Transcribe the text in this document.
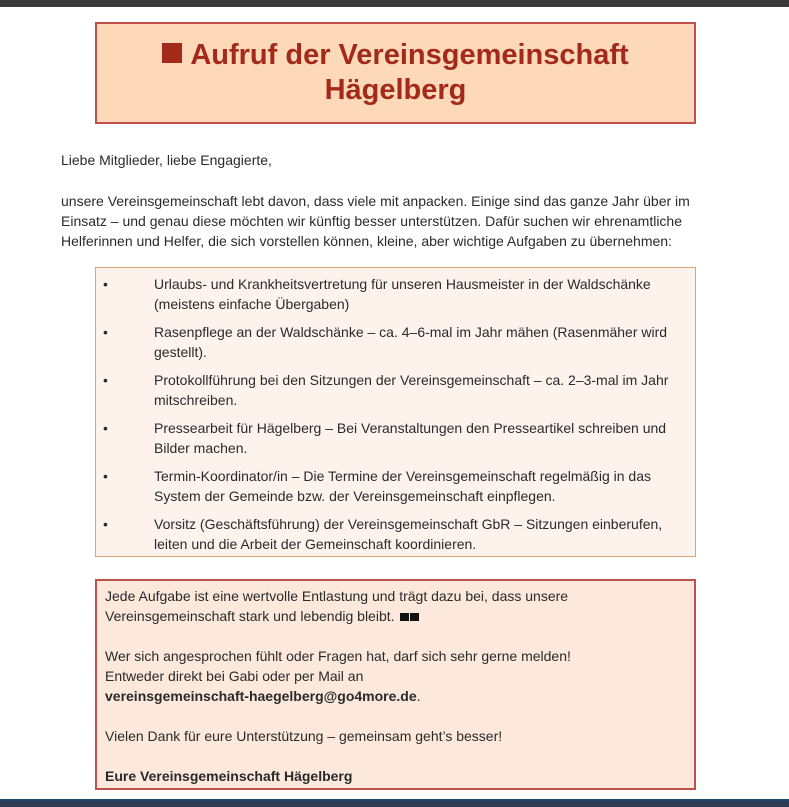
Aufruf der Vereinsgemeinschaft Hägelberg

Liebe Mitglieder, liebe Engagierte,

unsere Vereinsgemeinschaft lebt davon, dass viele mit anpacken. Einige sind das ganze Jahr über im Einsatz – und genau diese möchten wir künftig besser unterstützen. Dafür suchen wir ehrenamtliche Helferinnen und Helfer, die sich vorstellen können, kleine, aber wichtige Aufgaben zu übernehmen:

•	Urlaubs- und Krankheitsvertretung für unseren Hausmeister in der Waldschänke (meistens einfache Übergaben)
•	Rasenpflege an der Waldschänke – ca. 4–6-mal im Jahr mähen (Rasenmäher wird gestellt).
•	Protokollführung bei den Sitzungen der Vereinsgemeinschaft – ca. 2–3-mal im Jahr mitschreiben.
•	Pressearbeit für Hägelberg – Bei Veranstaltungen den Presseartikel schreiben und Bilder machen.
•	Termin-Koordinator/in – Die Termine der Vereinsgemeinschaft regelmäßig in das System der Gemeinde bzw. der Vereinsgemeinschaft einpflegen.
•	Vorsitz (Geschäftsführung) der Vereinsgemeinschaft GbR – Sitzungen einberufen, leiten und die Arbeit der Gemeinschaft koordinieren.

Jede Aufgabe ist eine wertvolle Entlastung und trägt dazu bei, dass unsere Vereinsgemeinschaft stark und lebendig bleibt.

Wer sich angesprochen fühlt oder Fragen hat, darf sich sehr gerne melden!

Entweder direkt bei Gabi oder per Mail an

vereinsgemeinschaft-haegelberg@go4more.de.

Vielen Dank für eure Unterstützung – gemeinsam geht’s besser!

Eure Vereinsgemeinschaft Hägelberg
